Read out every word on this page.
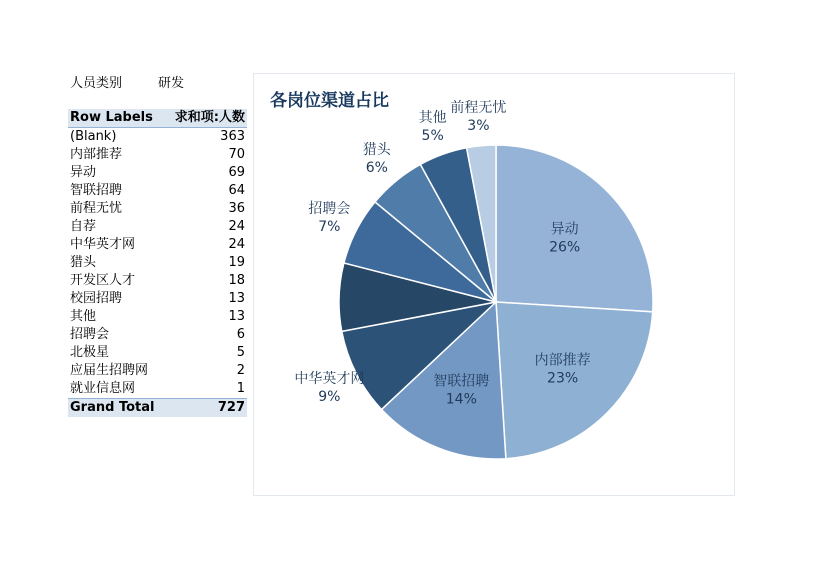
人员类别	研发
Row Labels 求和项:人数
(Blank)	363
内部推荐	70
异动	69
智联招聘	64
前程无忧	36
自荐	24
中华英才网	24
猎头	19
开发区人才	18
校园招聘	13
其他	13
招聘会	6
北极星	5
应届生招聘网	2
就业信息网	1
Grand Total	727
各岗位渠道占比
异动
26%
内部推荐
23%
智联招聘
14%
中华英才网
9%
招聘会
7%
猎头
6%
其他
5%
前程无忧
3%
